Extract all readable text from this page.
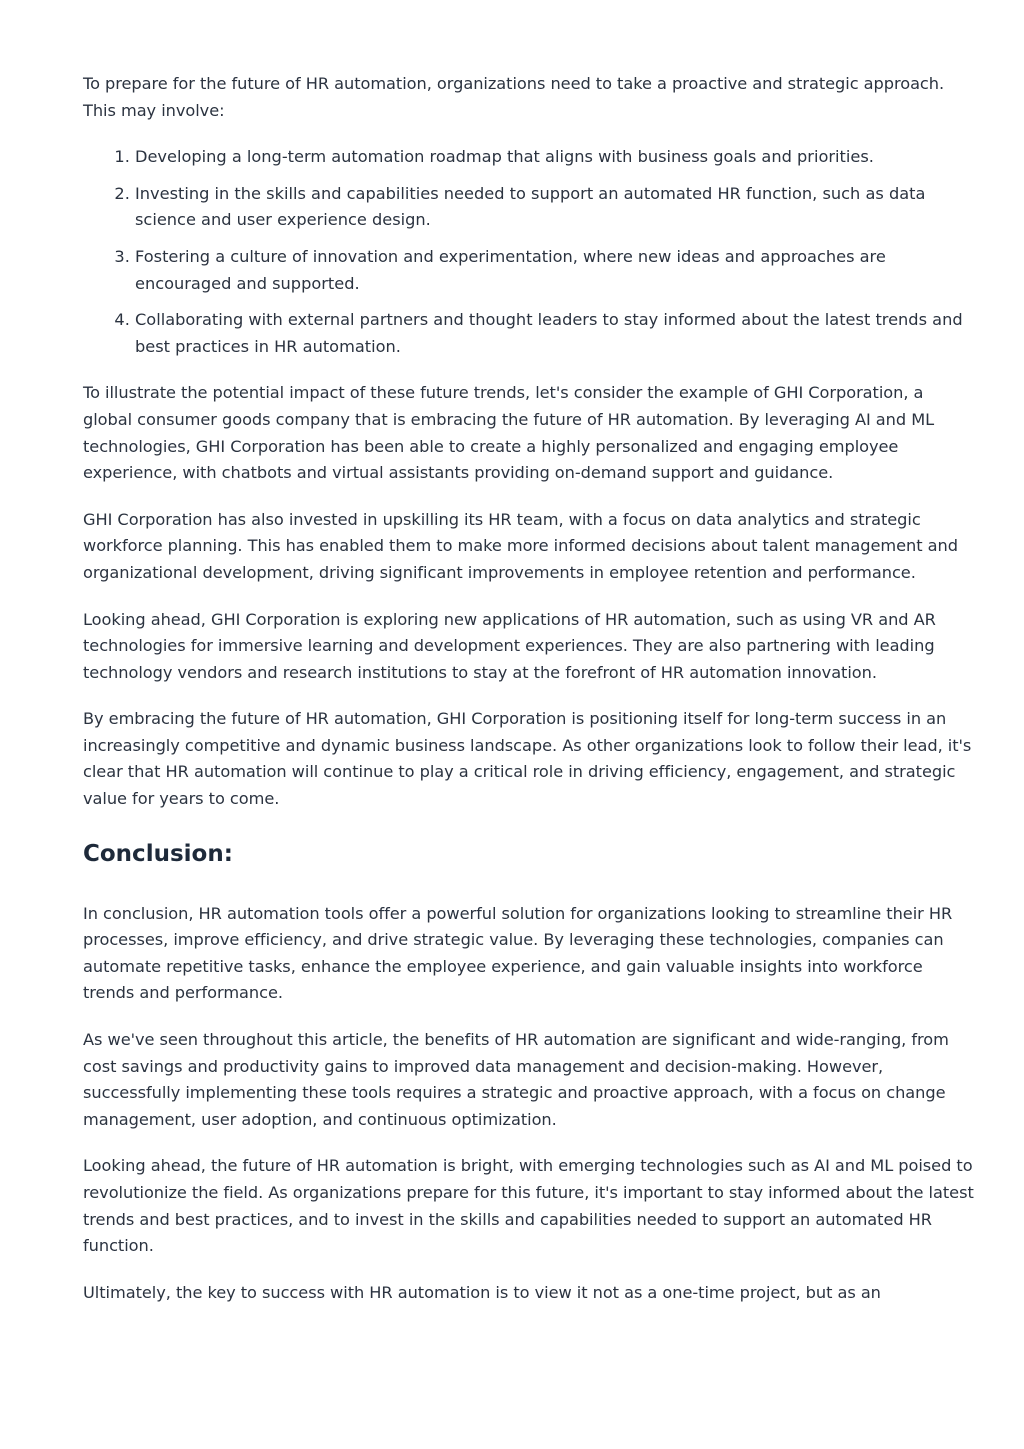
To prepare for the future of HR automation, organizations need to take a proactive and strategic approach. This may involve:

1. Developing a long-term automation roadmap that aligns with business goals and priorities.
2. Investing in the skills and capabilities needed to support an automated HR function, such as data science and user experience design.
3. Fostering a culture of innovation and experimentation, where new ideas and approaches are encouraged and supported.
4. Collaborating with external partners and thought leaders to stay informed about the latest trends and best practices in HR automation.

To illustrate the potential impact of these future trends, let's consider the example of GHI Corporation, a global consumer goods company that is embracing the future of HR automation. By leveraging AI and ML technologies, GHI Corporation has been able to create a highly personalized and engaging employee experience, with chatbots and virtual assistants providing on-demand support and guidance.

GHI Corporation has also invested in upskilling its HR team, with a focus on data analytics and strategic workforce planning. This has enabled them to make more informed decisions about talent management and organizational development, driving significant improvements in employee retention and performance.

Looking ahead, GHI Corporation is exploring new applications of HR automation, such as using VR and AR technologies for immersive learning and development experiences. They are also partnering with leading technology vendors and research institutions to stay at the forefront of HR automation innovation.

By embracing the future of HR automation, GHI Corporation is positioning itself for long-term success in an increasingly competitive and dynamic business landscape. As other organizations look to follow their lead, it's clear that HR automation will continue to play a critical role in driving efficiency, engagement, and strategic value for years to come.

Conclusion:

In conclusion, HR automation tools offer a powerful solution for organizations looking to streamline their HR processes, improve efficiency, and drive strategic value. By leveraging these technologies, companies can automate repetitive tasks, enhance the employee experience, and gain valuable insights into workforce trends and performance.

As we've seen throughout this article, the benefits of HR automation are significant and wide-ranging, from cost savings and productivity gains to improved data management and decision-making. However, successfully implementing these tools requires a strategic and proactive approach, with a focus on change management, user adoption, and continuous optimization.

Looking ahead, the future of HR automation is bright, with emerging technologies such as AI and ML poised to revolutionize the field. As organizations prepare for this future, it's important to stay informed about the latest trends and best practices, and to invest in the skills and capabilities needed to support an automated HR function.

Ultimately, the key to success with HR automation is to view it not as a one-time project, but as an
